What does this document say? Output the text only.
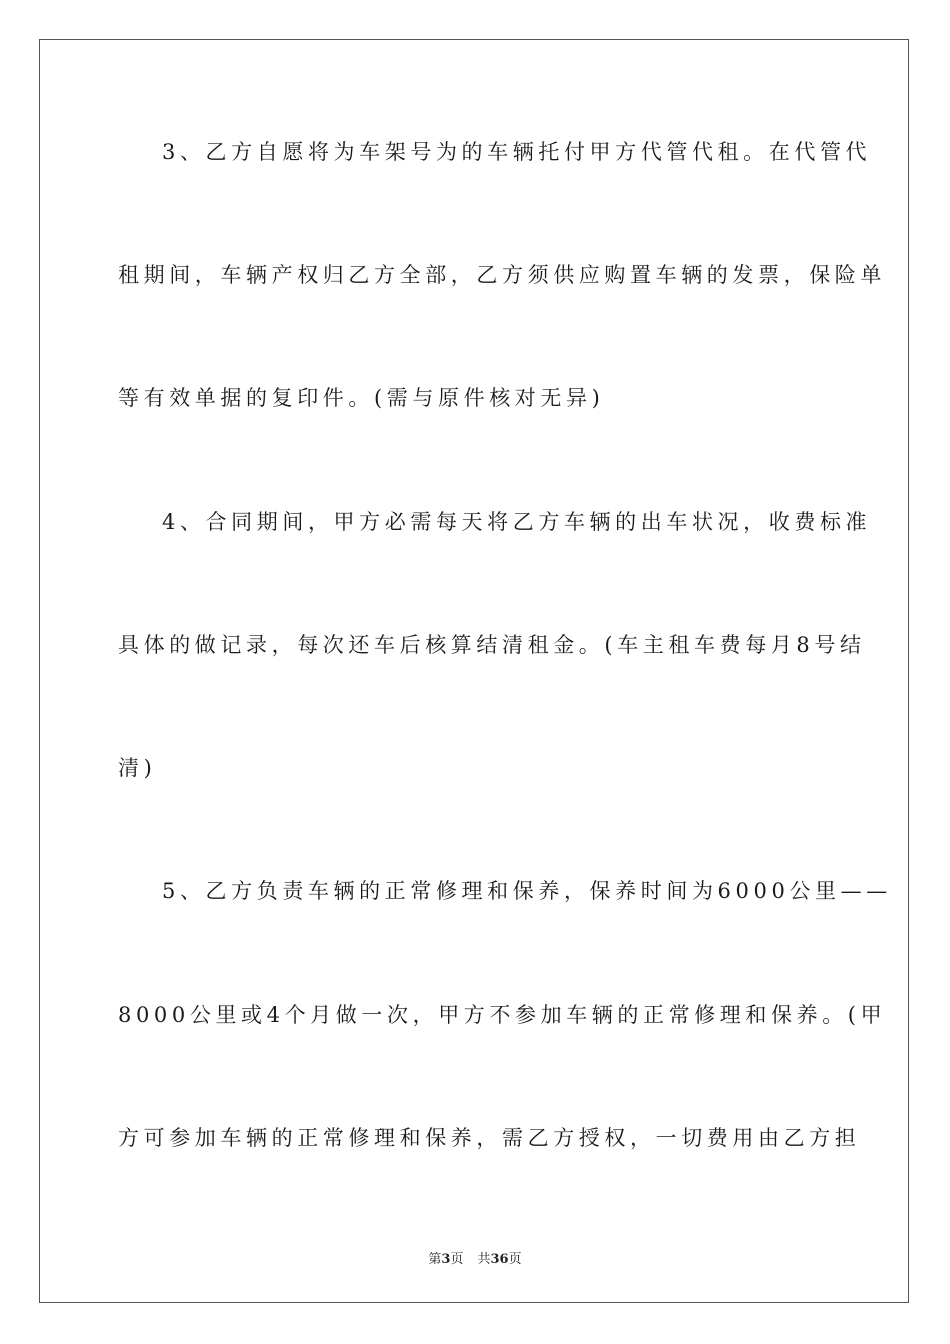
3、乙方自愿将为车架号为的车辆托付甲方代管代租。在代管代
租期间，车辆产权归乙方全部，乙方须供应购置车辆的发票，保险单
等有效单据的复印件。(需与原件核对无异)
4、合同期间，甲方必需每天将乙方车辆的出车状况，收费标准
具体的做记录，每次还车后核算结清租金。(车主租车费每月8号结
清)
5、乙方负责车辆的正常修理和保养，保养时间为6000公里——
8000公里或4个月做一次，甲方不参加车辆的正常修理和保养。(甲
方可参加车辆的正常修理和保养，需乙方授权，一切费用由乙方担
第3页 共36页
